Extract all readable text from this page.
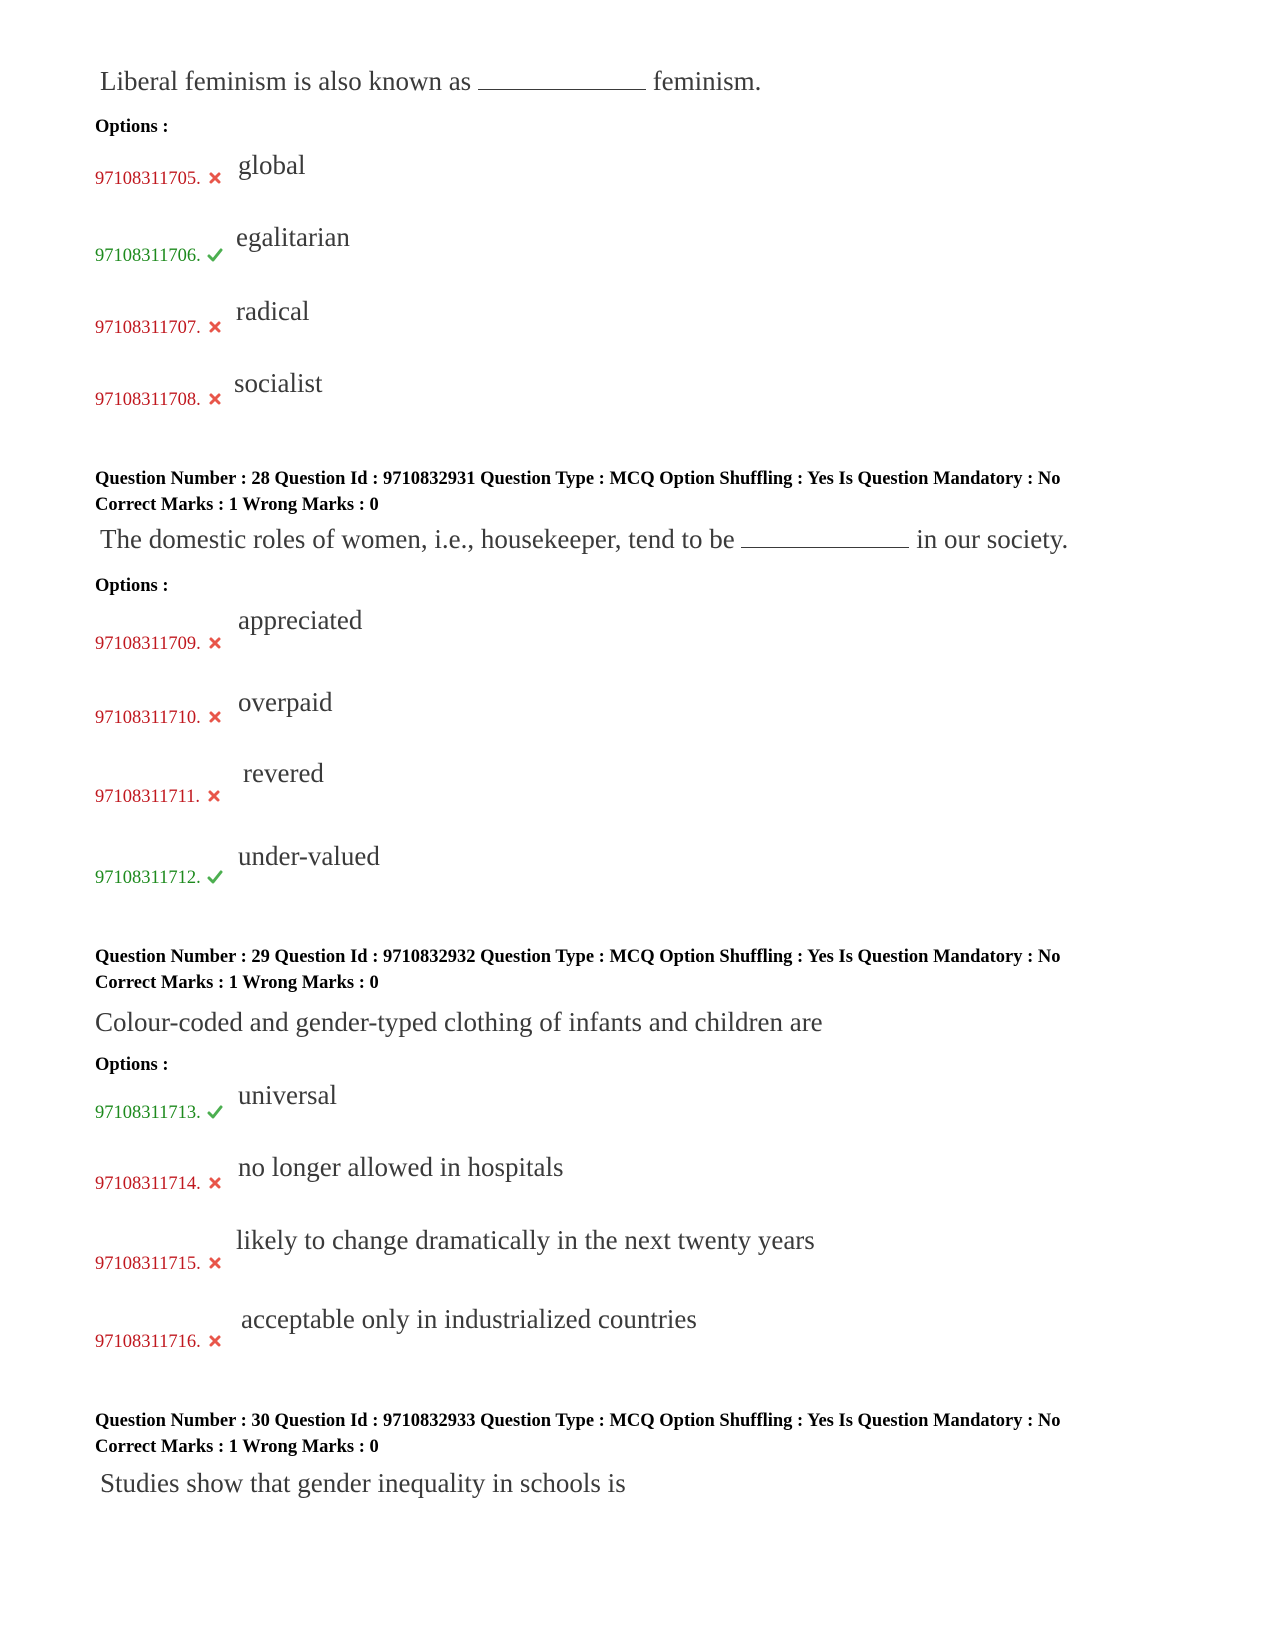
Liberal feminism is also known as	feminism.
Options :
97108311705.	global
97108311706.
egalitarian
97108311707.
radical
97108311708.
socialist
Question Number : 28 Question Id : 9710832931 Question Type : MCQ Option Shuffling : Yes Is Question Mandatory : No
Correct Marks : 1 Wrong Marks : 0
The domestic roles of women, i.e., housekeeper, tend to be	in our society.
Options :
97108311709.
appreciated
97108311710.
overpaid
97108311711.
revered
97108311712.
under-valued
Question Number : 29 Question Id : 9710832932 Question Type : MCQ Option Shuffling : Yes Is Question Mandatory : No
Correct Marks : 1 Wrong Marks : 0
Colour-coded and gender-typed clothing of infants and children are
Options :
97108311713.
universal
97108311714.
no longer allowed in hospitals
97108311715.
likely to change dramatically in the next twenty years
97108311716.
acceptable only in industrialized countries
Question Number : 30 Question Id : 9710832933 Question Type : MCQ Option Shuffling : Yes Is Question Mandatory : No
Correct Marks : 1 Wrong Marks : 0
Studies show that gender inequality in schools is
